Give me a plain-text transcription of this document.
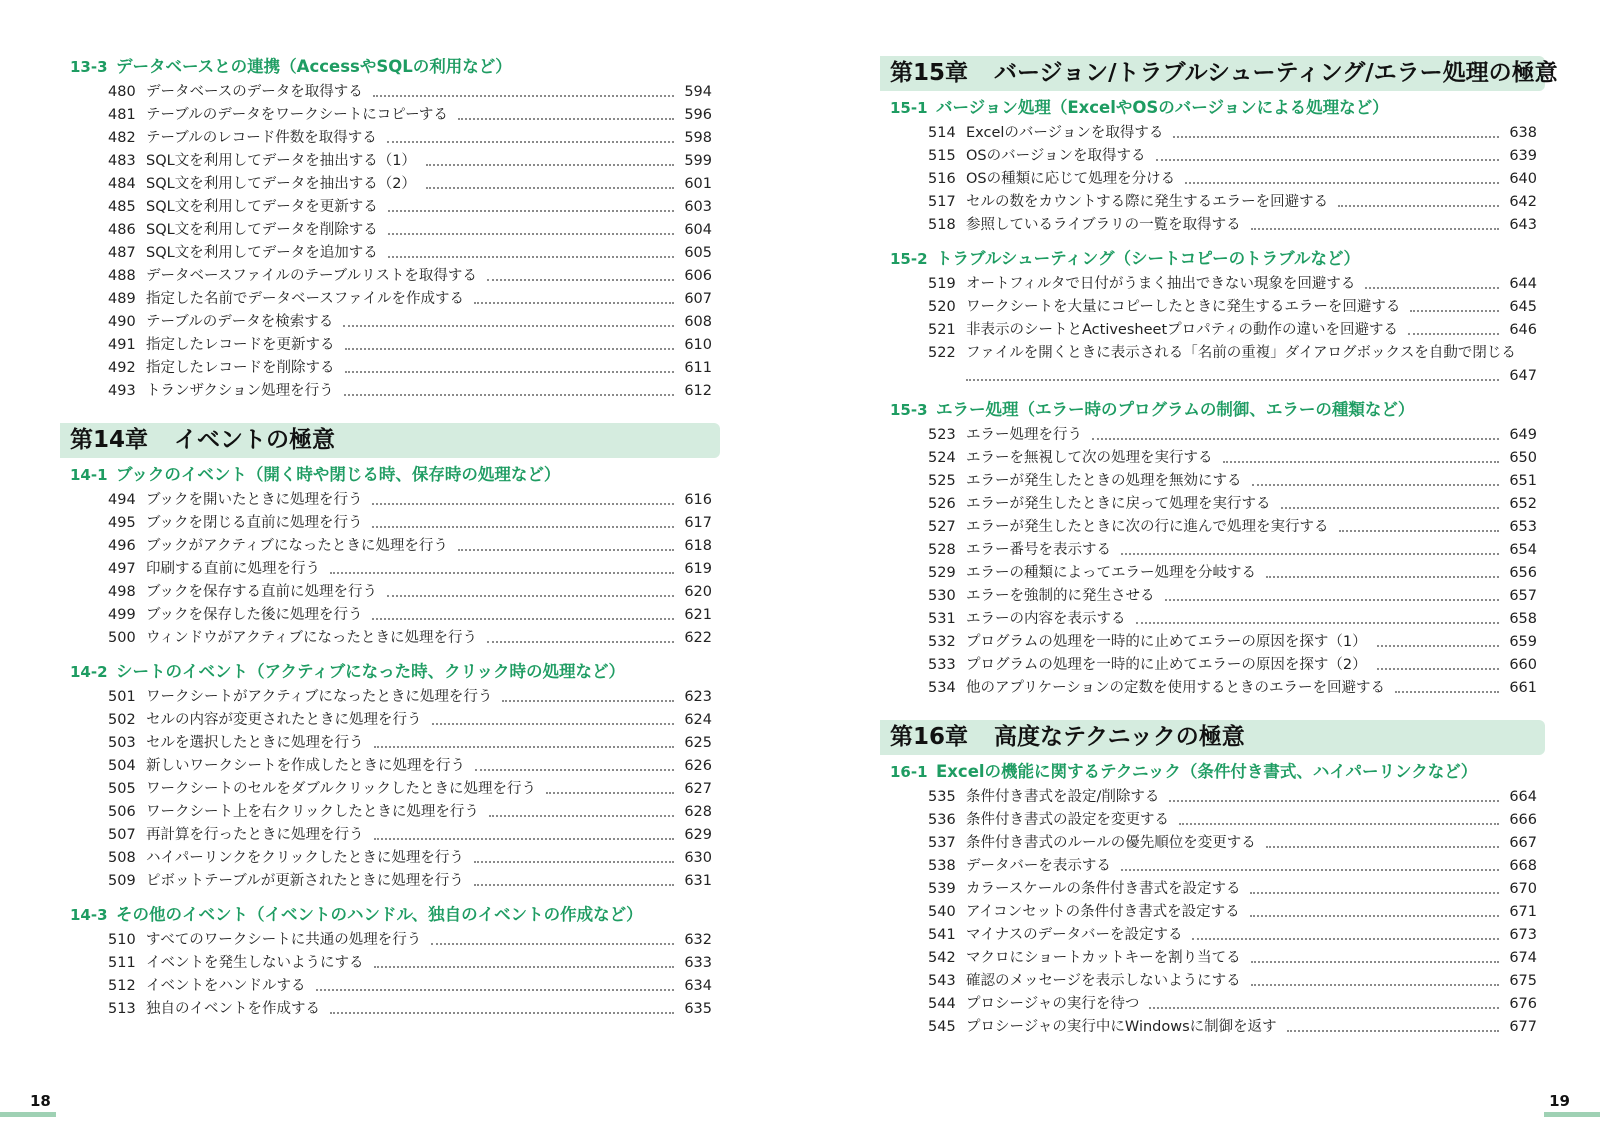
13-3 データベースとの連携（AccessやSQLの利用など）
480 データベースのデータを取得する	594
481 テーブルのデータをワークシートにコピーする	596
482 テーブルのレコード件数を取得する	598
483 SQL文を利用してデータを抽出する（1）	599
484 SQL文を利用してデータを抽出する（2）	601
485 SQL文を利用してデータを更新する	603
486 SQL文を利用してデータを削除する	604
487 SQL文を利用してデータを追加する	605
488 データベースファイルのテーブルリストを取得する	606
489 指定した名前でデータベースファイルを作成する	607
490 テーブルのデータを検索する	608
491 指定したレコードを更新する	610
492 指定したレコードを削除する	611
493 トランザクション処理を行う	612
第14章 イベントの極意
14-1 ブックのイベント（開く時や閉じる時、保存時の処理など）
494 ブックを開いたときに処理を行う	616
495 ブックを閉じる直前に処理を行う	617
496 ブックがアクティブになったときに処理を行う	618
497 印刷する直前に処理を行う	619
498 ブックを保存する直前に処理を行う	620
499 ブックを保存した後に処理を行う	621
500 ウィンドウがアクティブになったときに処理を行う	622
14-2 シートのイベント（アクティブになった時、クリック時の処理など）
501 ワークシートがアクティブになったときに処理を行う	623
502 セルの内容が変更されたときに処理を行う	624
503 セルを選択したときに処理を行う	625
504 新しいワークシートを作成したときに処理を行う	626
505 ワークシートのセルをダブルクリックしたときに処理を行う	627
506 ワークシート上を右クリックしたときに処理を行う	628
507 再計算を行ったときに処理を行う	629
508 ハイパーリンクをクリックしたときに処理を行う	630
509 ピボットテーブルが更新されたときに処理を行う	631
14-3 その他のイベント（イベントのハンドル、独自のイベントの作成など）
510 すべてのワークシートに共通の処理を行う	632
511 イベントを発生しないようにする	633
512 イベントをハンドルする	634
513 独自のイベントを作成する	635
第15章 バージョン/トラブルシューティング/エラー処理の極意
15-1 バージョン処理（ExcelやOSのバージョンによる処理など）
514 Excelのバージョンを取得する	638
515 OSのバージョンを取得する	639
516 OSの種類に応じて処理を分ける	640
517 セルの数をカウントする際に発生するエラーを回避する	642
518 参照しているライブラリの一覧を取得する	643
15-2 トラブルシューティング（シートコピーのトラブルなど）
519 オートフィルタで日付がうまく抽出できない現象を回避する	644
520 ワークシートを大量にコピーしたときに発生するエラーを回避する	645
521 非表示のシートとActivesheetプロパティの動作の違いを回避する	646
522 ファイルを開くときに表示される「名前の重複」ダイアログボックスを自動で閉じる
647
15-3 エラー処理（エラー時のプログラムの制御、エラーの種類など）
523 エラー処理を行う	649
524 エラーを無視して次の処理を実行する	650
525 エラーが発生したときの処理を無効にする	651
526 エラーが発生したときに戻って処理を実行する	652
527 エラーが発生したときに次の行に進んで処理を実行する	653
528 エラー番号を表示する	654
529 エラーの種類によってエラー処理を分岐する	656
530 エラーを強制的に発生させる	657
531 エラーの内容を表示する	658
532 プログラムの処理を一時的に止めてエラーの原因を探す（1）	659
533 プログラムの処理を一時的に止めてエラーの原因を探す（2）	660
534 他のアプリケーションの定数を使用するときのエラーを回避する	661
第16章 高度なテクニックの極意
16-1 Excelの機能に関するテクニック（条件付き書式、ハイパーリンクなど）
535 条件付き書式を設定/削除する	664
536 条件付き書式の設定を変更する	666
537 条件付き書式のルールの優先順位を変更する	667
538 データバーを表示する	668
539 カラースケールの条件付き書式を設定する	670
540 アイコンセットの条件付き書式を設定する	671
541 マイナスのデータバーを設定する	673
542 マクロにショートカットキーを割り当てる	674
543 確認のメッセージを表示しないようにする	675
544 プロシージャの実行を待つ	676
545 プロシージャの実行中にWindowsに制御を返す	677
18	19
